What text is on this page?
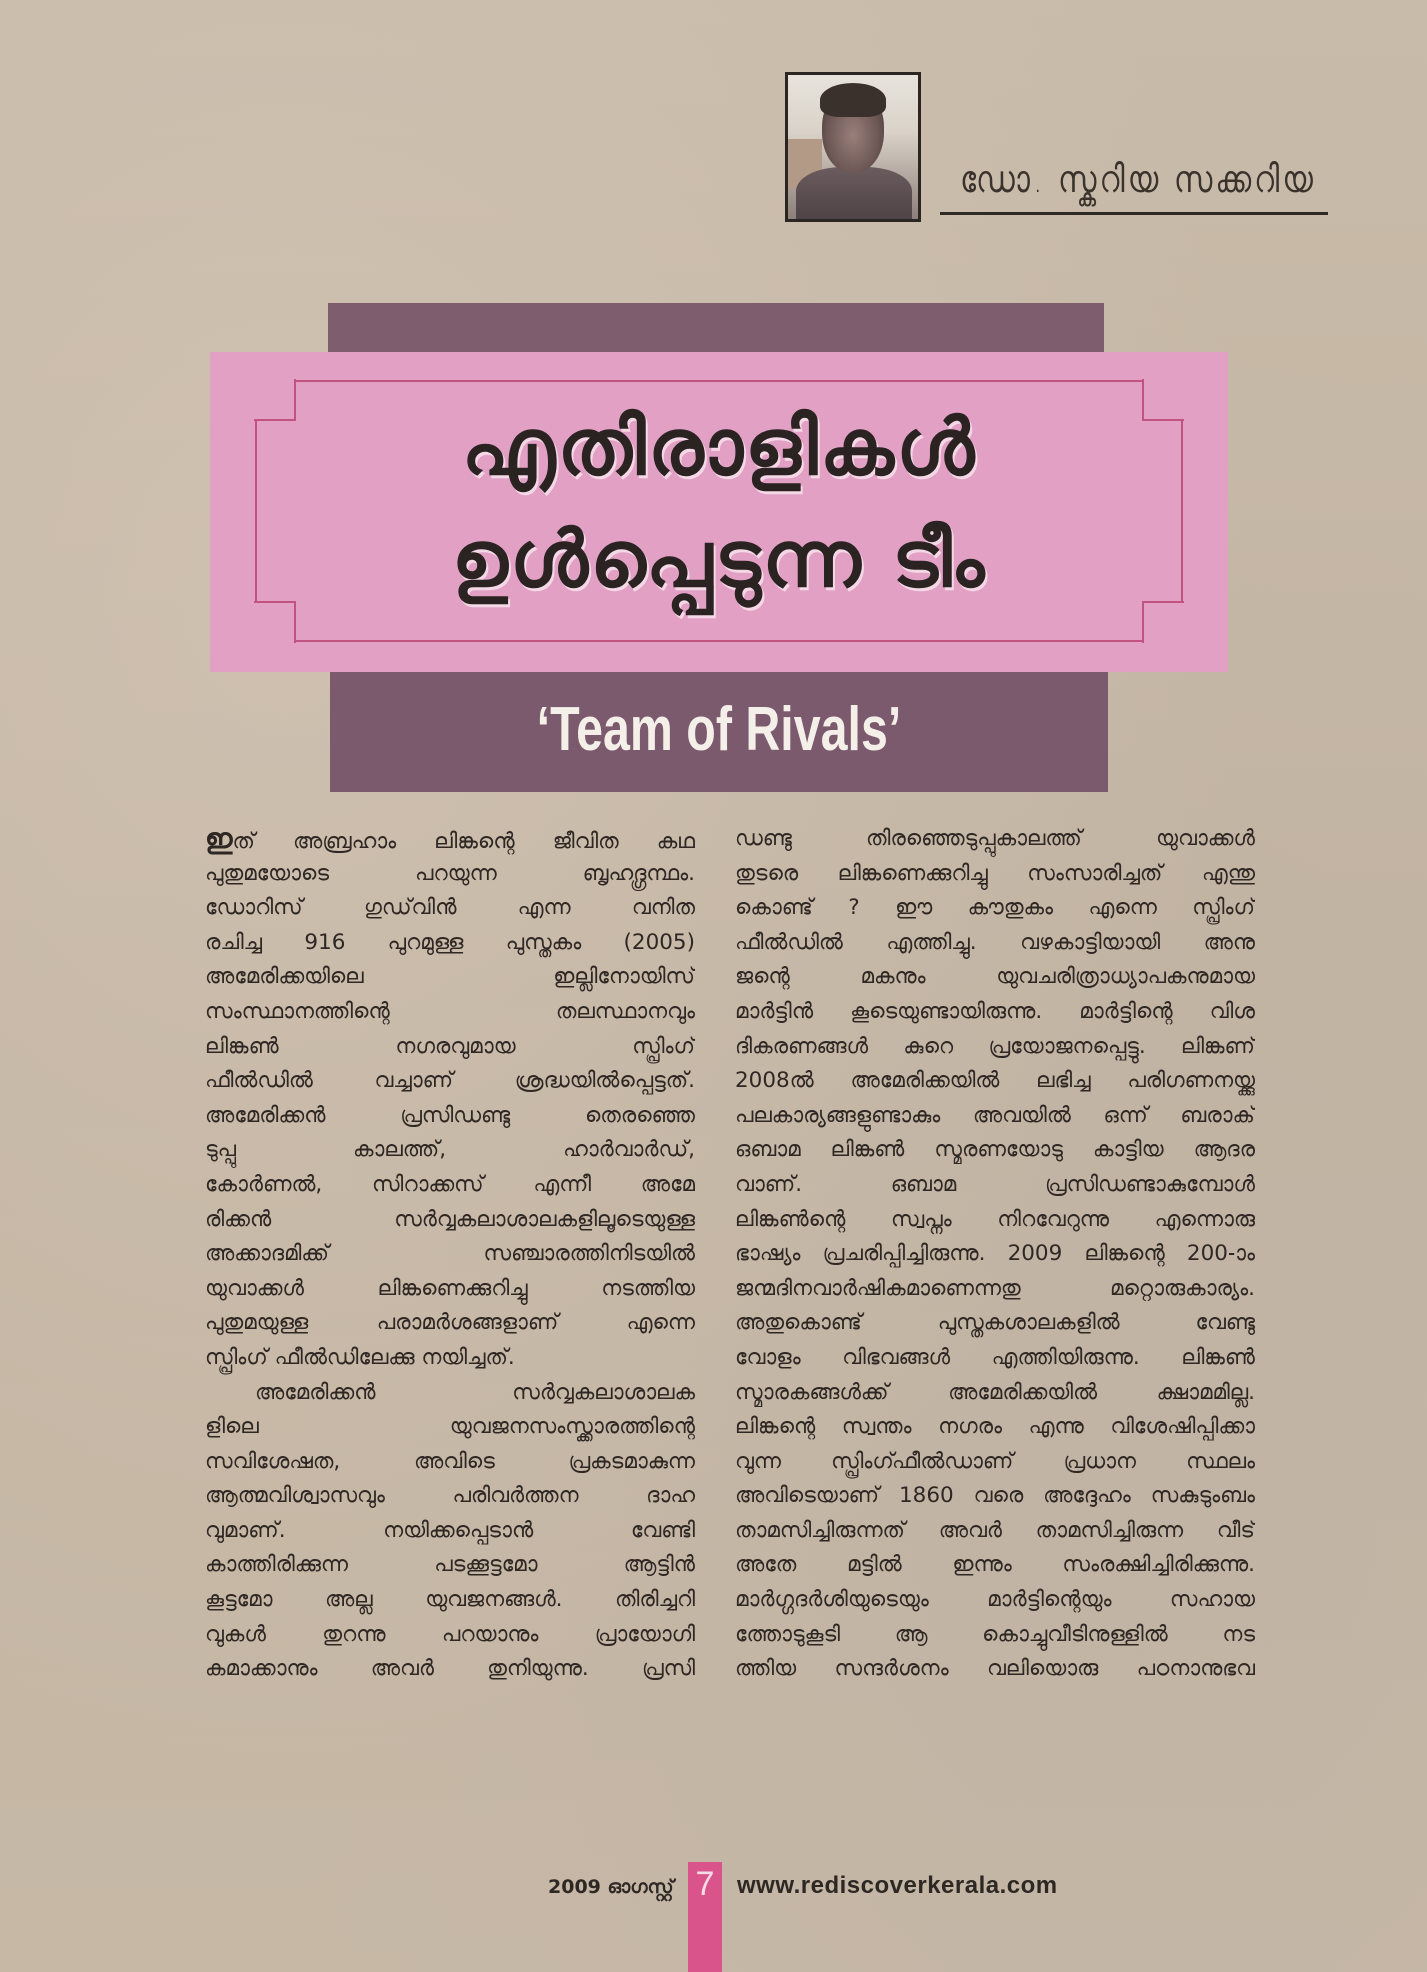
ഡോ. സ്കറിയ സക്കറിയ
എതിരാളികൾ
ഉൾപ്പെടുന്ന ടീം
‘Team of Rivals’
ഇത് അബ്രഹാം ലിങ്കന്റെ ജീവിത കഥ
പുതുമയോടെ പറയുന്ന ബൃഹദ്ഗ്രന്ഥം.
ഡോറിസ് ഗുഡ്‌വിൻ എന്ന വനിത
രചിച്ച 916 പുറമുള്ള പുസ്തകം (2005)
അമേരിക്കയിലെ ഇല്ലിനോയിസ്
സംസ്ഥാനത്തിന്റെ തലസ്ഥാനവും
ലിങ്കൺ നഗരവുമായ സ്പ്രിംഗ്
ഫീൽഡിൽ വച്ചാണ് ശ്രദ്ധയിൽപ്പെട്ടത്.
അമേരിക്കൻ പ്രസിഡണ്ടു തെരഞ്ഞെ
ടുപ്പു കാലത്ത്, ഹാർവാർഡ്,
കോർണൽ, സിറാക്കസ് എന്നീ അമേ
രിക്കൻ സർവ്വകലാശാലകളിലൂടെയുള്ള
അക്കാദമിക്ക് സഞ്ചാരത്തിനിടയിൽ
യുവാക്കൾ ലിങ്കണെക്കുറിച്ചു നടത്തിയ
പുതുമയുള്ള പരാമർശങ്ങളാണ് എന്നെ
സ്പ്രിംഗ് ഫീൽഡിലേക്കു നയിച്ചത്.
അമേരിക്കൻ സർവ്വകലാശാലക
ളിലെ യുവജനസംസ്ക്കാരത്തിന്റെ
സവിശേഷത, അവിടെ പ്രകടമാകുന്ന
ആത്മവിശ്വാസവും പരിവർത്തന ദാഹ
വുമാണ്. നയിക്കപ്പെടാൻ വേണ്ടി
കാത്തിരിക്കുന്ന പടക്കൂട്ടമോ ആട്ടിൻ
കൂട്ടമോ അല്ല യുവജനങ്ങൾ. തിരിച്ചറി
വുകൾ തുറന്നു പറയാനും പ്രായോഗി
കമാക്കാനും അവർ തുനിയുന്നു. പ്രസി
ഡണ്ടു തിരഞ്ഞെടുപ്പുകാലത്ത് യുവാക്കൾ
തുടരെ ലിങ്കണെക്കുറിച്ചു സംസാരിച്ചത് എന്തു
കൊണ്ട് ? ഈ കൗതുകം എന്നെ സ്പ്രിംഗ്
ഫീൽഡിൽ എത്തിച്ചു. വഴകാട്ടിയായി അനു
ജന്റെ മകനും യുവചരിത്രാധ്യാപകനുമായ
മാർട്ടിൻ കൂടെയുണ്ടായിരുന്നു. മാർട്ടിന്റെ വിശ
ദികരണങ്ങൾ കുറെ പ്രയോജനപ്പെട്ടു. ലിങ്കണ്
2008ൽ അമേരിക്കയിൽ ലഭിച്ച പരിഗണനയ്ക്കു
പലകാര്യങ്ങളുണ്ടാകും അവയിൽ ഒന്ന് ബരാക്
ഒബാമ ലിങ്കൺ സ്മരണയോടു കാട്ടിയ ആദര
വാണ്. ഒബാമ പ്രസിഡണ്ടാകുമ്പോൾ
ലിങ്കൺന്റെ സ്വപ്നം നിറവേറുന്നു എന്നൊരു
ഭാഷ്യം പ്രചരിപ്പിച്ചിരുന്നു. 2009 ലിങ്കന്റെ 200-ാം
ജന്മദിനവാർഷികമാണെന്നതു മറ്റൊരുകാര്യം.
അതുകൊണ്ട് പുസ്തകശാലകളിൽ വേണ്ടു
വോളം വിഭവങ്ങൾ എത്തിയിരുന്നു. ലിങ്കൺ
സ്മാരകങ്ങൾക്ക് അമേരിക്കയിൽ ക്ഷാമമില്ല.
ലിങ്കന്റെ സ്വന്തം നഗരം എന്നു വിശേഷിപ്പിക്കാ
വുന്ന സ്പ്രിംഗ്ഫീൽഡാണ് പ്രധാന സ്ഥലം
അവിടെയാണ് 1860 വരെ അദ്ദേഹം സകുടുംബം
താമസിച്ചിരുന്നത് അവർ താമസിച്ചിരുന്ന വീട്
അതേ മട്ടിൽ ഇന്നും സംരക്ഷിച്ചിരിക്കുന്നു.
മാർഗ്ഗദർശിയുടെയും മാർട്ടിന്റെയും സഹായ
ത്തോടുകൂടി ആ കൊച്ചുവീടിനുള്ളിൽ നട
ത്തിയ സന്ദർശനം വലിയൊരു പഠനാനുഭവ
2009 ഓഗസ്റ്റ് 7 www.rediscoverkerala.com
